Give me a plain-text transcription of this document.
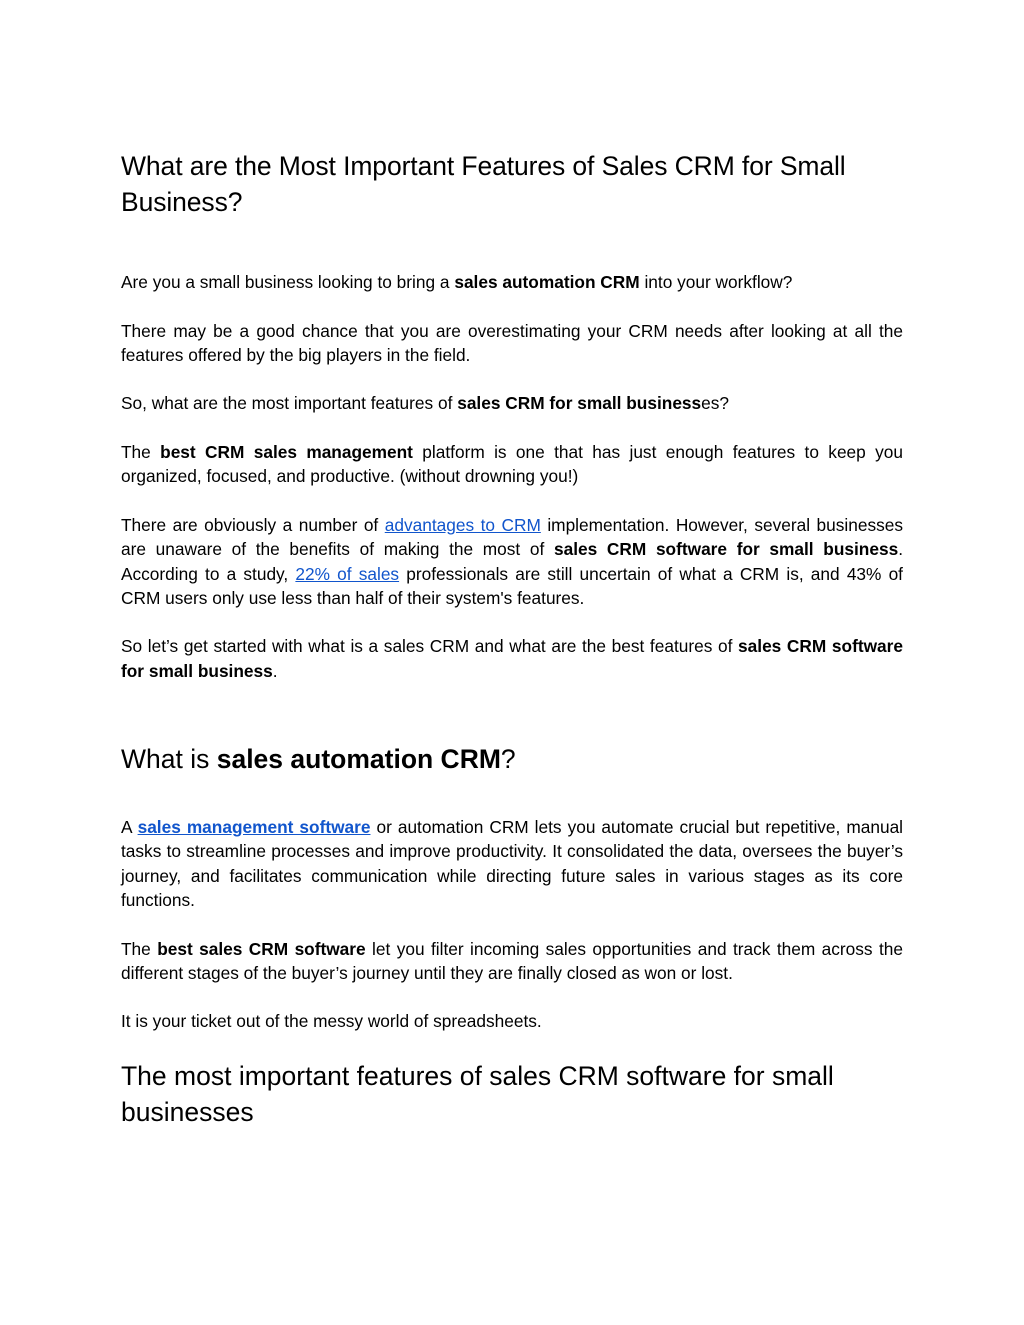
What are the Most Important Features of Sales CRM for Small Business?

Are you a small business looking to bring a sales automation CRM into your workflow?

There may be a good chance that you are overestimating your CRM needs after looking at all the features offered by the big players in the field.

So, what are the most important features of sales CRM for small businesses?

The best CRM sales management platform is one that has just enough features to keep you organized, focused, and productive. (without drowning you!)

There are obviously a number of advantages to CRM implementation. However, several businesses are unaware of the benefits of making the most of sales CRM software for small business. According to a study, 22% of sales professionals are still uncertain of what a CRM is, and 43% of CRM users only use less than half of their system's features.

So let’s get started with what is a sales CRM and what are the best features of sales CRM software for small business.

What is sales automation CRM?

A sales management software or automation CRM lets you automate crucial but repetitive, manual tasks to streamline processes and improve productivity. It consolidated the data, oversees the buyer’s journey, and facilitates communication while directing future sales in various stages as its core functions.

The best sales CRM software let you filter incoming sales opportunities and track them across the different stages of the buyer’s journey until they are finally closed as won or lost.

It is your ticket out of the messy world of spreadsheets.

The most important features of sales CRM software for small businesses
